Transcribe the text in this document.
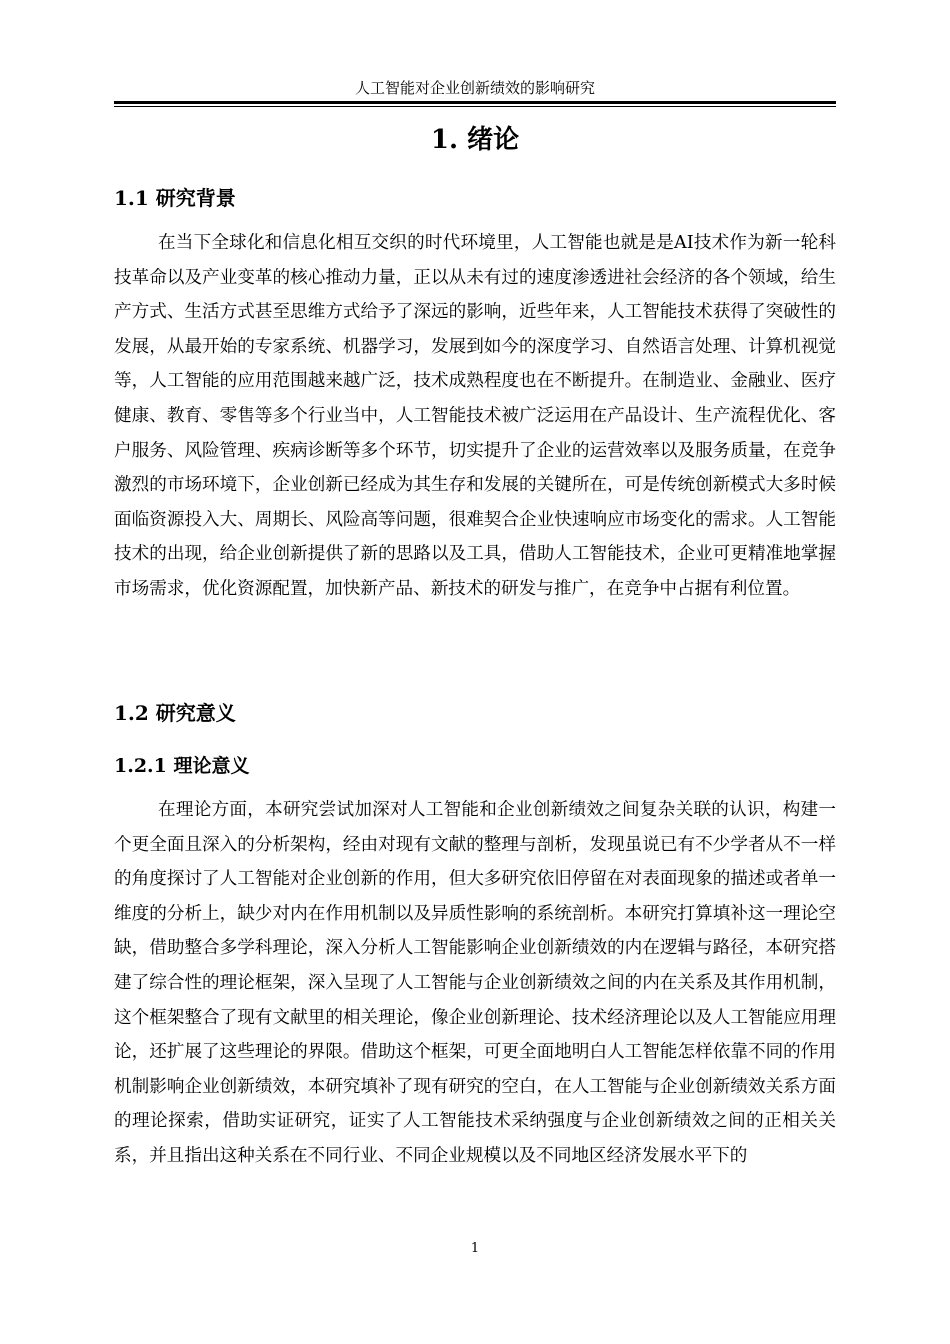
人工智能对企业创新绩效的影响研究
1. 绪论
1.1 研究背景

在当下全球化和信息化相互交织的时代环境里，人工智能也就是是AI技术作为新一轮科技革命以及产业变革的核心推动力量，正以从未有过的速度渗透进社会经济的各个领域，给生产方式、生活方式甚至思维方式给予了深远的影响，近些年来，人工智能技术获得了突破性的发展，从最开始的专家系统、机器学习，发展到如今的深度学习、自然语言处理、计算机视觉等，人工智能的应用范围越来越广泛，技术成熟程度也在不断提升。在制造业、金融业、医疗健康、教育、零售等多个行业当中，人工智能技术被广泛运用在产品设计、生产流程优化、客户服务、风险管理、疾病诊断等多个环节，切实提升了企业的运营效率以及服务质量，在竞争激烈的市场环境下，企业创新已经成为其生存和发展的关键所在，可是传统创新模式大多时候面临资源投入大、周期长、风险高等问题，很难契合企业快速响应市场变化的需求。人工智能技术的出现，给企业创新提供了新的思路以及工具，借助人工智能技术，企业可更精准地掌握市场需求，优化资源配置，加快新产品、新技术的研发与推广，在竞争中占据有利位置。

1.2 研究意义
1.2.1 理论意义

在理论方面，本研究尝试加深对人工智能和企业创新绩效之间复杂关联的认识，构建一个更全面且深入的分析架构，经由对现有文献的整理与剖析，发现虽说已有不少学者从不一样的角度探讨了人工智能对企业创新的作用，但大多研究依旧停留在对表面现象的描述或者单一维度的分析上，缺少对内在作用机制以及异质性影响的系统剖析。本研究打算填补这一理论空缺，借助整合多学科理论，深入分析人工智能影响企业创新绩效的内在逻辑与路径，本研究搭建了综合性的理论框架，深入呈现了人工智能与企业创新绩效之间的内在关系及其作用机制，这个框架整合了现有文献里的相关理论，像企业创新理论、技术经济理论以及人工智能应用理论，还扩展了这些理论的界限。借助这个框架，可更全面地明白人工智能怎样依靠不同的作用机制影响企业创新绩效，本研究填补了现有研究的空白，在人工智能与企业创新绩效关系方面的理论探索，借助实证研究，证实了人工智能技术采纳强度与企业创新绩效之间的正相关关系，并且指出这种关系在不同行业、不同企业规模以及不同地区经济发展水平下的

1
